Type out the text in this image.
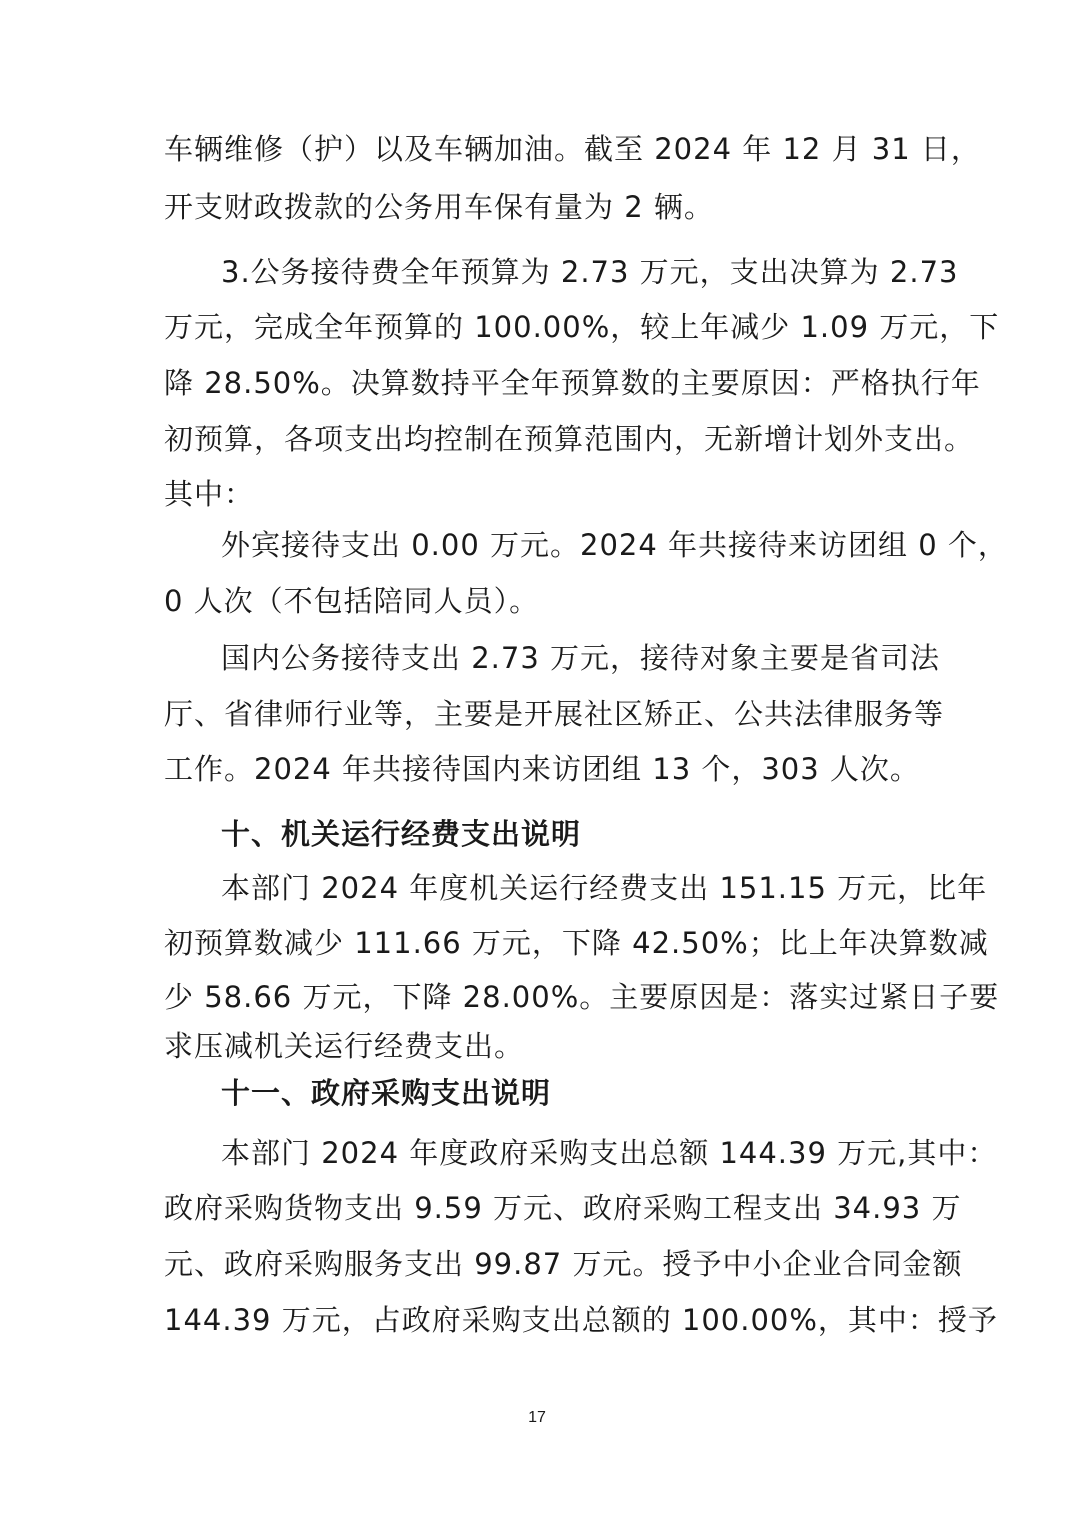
车辆维修（护）以及车辆加油。截至 2024 年 12 月 31 日，
开支财政拨款的公务用车保有量为 2 辆。
3.公务接待费全年预算为 2.73 万元，支出决算为 2.73
万元，完成全年预算的 100.00%，较上年减少 1.09 万元，下
降 28.50%。决算数持平全年预算数的主要原因：严格执行年
初预算，各项支出均控制在预算范围内，无新增计划外支出。
其中：
外宾接待支出 0.00 万元。2024 年共接待来访团组 0 个，
0 人次（不包括陪同人员）。
国内公务接待支出 2.73 万元，接待对象主要是省司法
厅、省律师行业等，主要是开展社区矫正、公共法律服务等
工作。2024 年共接待国内来访团组 13 个，303 人次。
十、机关运行经费支出说明
本部门 2024 年度机关运行经费支出 151.15 万元，比年
初预算数减少 111.66 万元，下降 42.50%；比上年决算数减
少 58.66 万元，下降 28.00%。主要原因是：落实过紧日子要
求压减机关运行经费支出。
十一、政府采购支出说明
本部门 2024 年度政府采购支出总额 144.39 万元,其中：
政府采购货物支出 9.59 万元、政府采购工程支出 34.93 万
元、政府采购服务支出 99.87 万元。授予中小企业合同金额
144.39 万元，占政府采购支出总额的 100.00%，其中：授予
17
